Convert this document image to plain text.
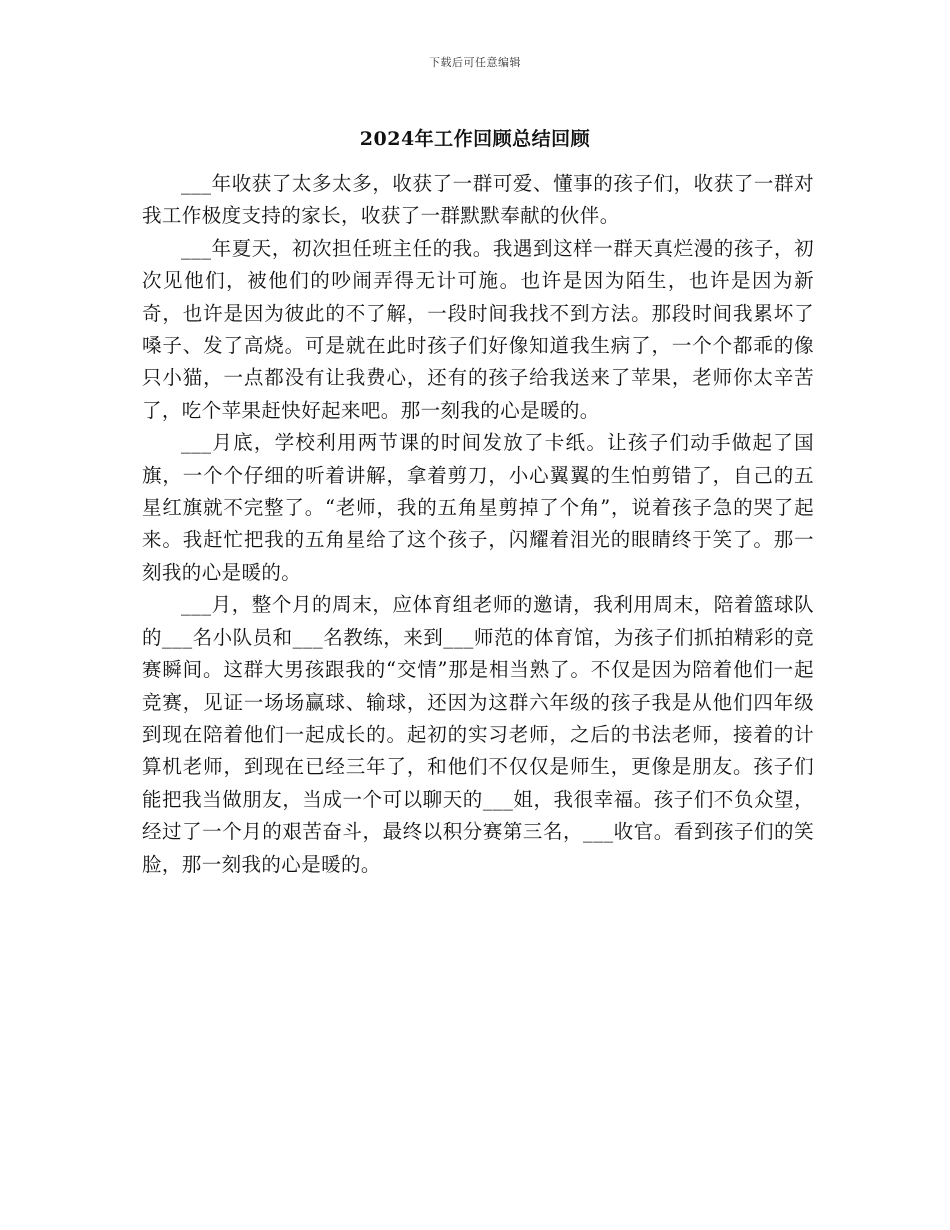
下载后可任意编辑
2024年工作回顾总结回顾

___年收获了太多太多，收获了一群可爱、懂事的孩子们，收获了一群对我工作极度支持的家长，收获了一群默默奉献的伙伴。

___年夏天，初次担任班主任的我。我遇到这样一群天真烂漫的孩子，初次见他们，被他们的吵闹弄得无计可施。也许是因为陌生，也许是因为新奇，也许是因为彼此的不了解，一段时间我找不到方法。那段时间我累坏了嗓子、发了高烧。可是就在此时孩子们好像知道我生病了，一个个都乖的像只小猫，一点都没有让我费心，还有的孩子给我送来了苹果，老师你太辛苦了，吃个苹果赶快好起来吧。那一刻我的心是暖的。

___月底，学校利用两节课的时间发放了卡纸。让孩子们动手做起了国旗，一个个仔细的听着讲解，拿着剪刀，小心翼翼的生怕剪错了，自己的五星红旗就不完整了。“老师，我的五角星剪掉了个角”，说着孩子急的哭了起来。我赶忙把我的五角星给了这个孩子，闪耀着泪光的眼睛终于笑了。那一刻我的心是暖的。

___月，整个月的周末，应体育组老师的邀请，我利用周末，陪着篮球队的___名小队员和___名教练，来到___师范的体育馆，为孩子们抓拍精彩的竞赛瞬间。这群大男孩跟我的“交情”那是相当熟了。不仅是因为陪着他们一起竞赛，见证一场场赢球、输球，还因为这群六年级的孩子我是从他们四年级到现在陪着他们一起成长的。起初的实习老师，之后的书法老师，接着的计算机老师，到现在已经三年了，和他们不仅仅是师生，更像是朋友。孩子们能把我当做朋友，当成一个可以聊天的___姐，我很幸福。孩子们不负众望，经过了一个月的艰苦奋斗，最终以积分赛第三名，___收官。看到孩子们的笑脸，那一刻我的心是暖的。
